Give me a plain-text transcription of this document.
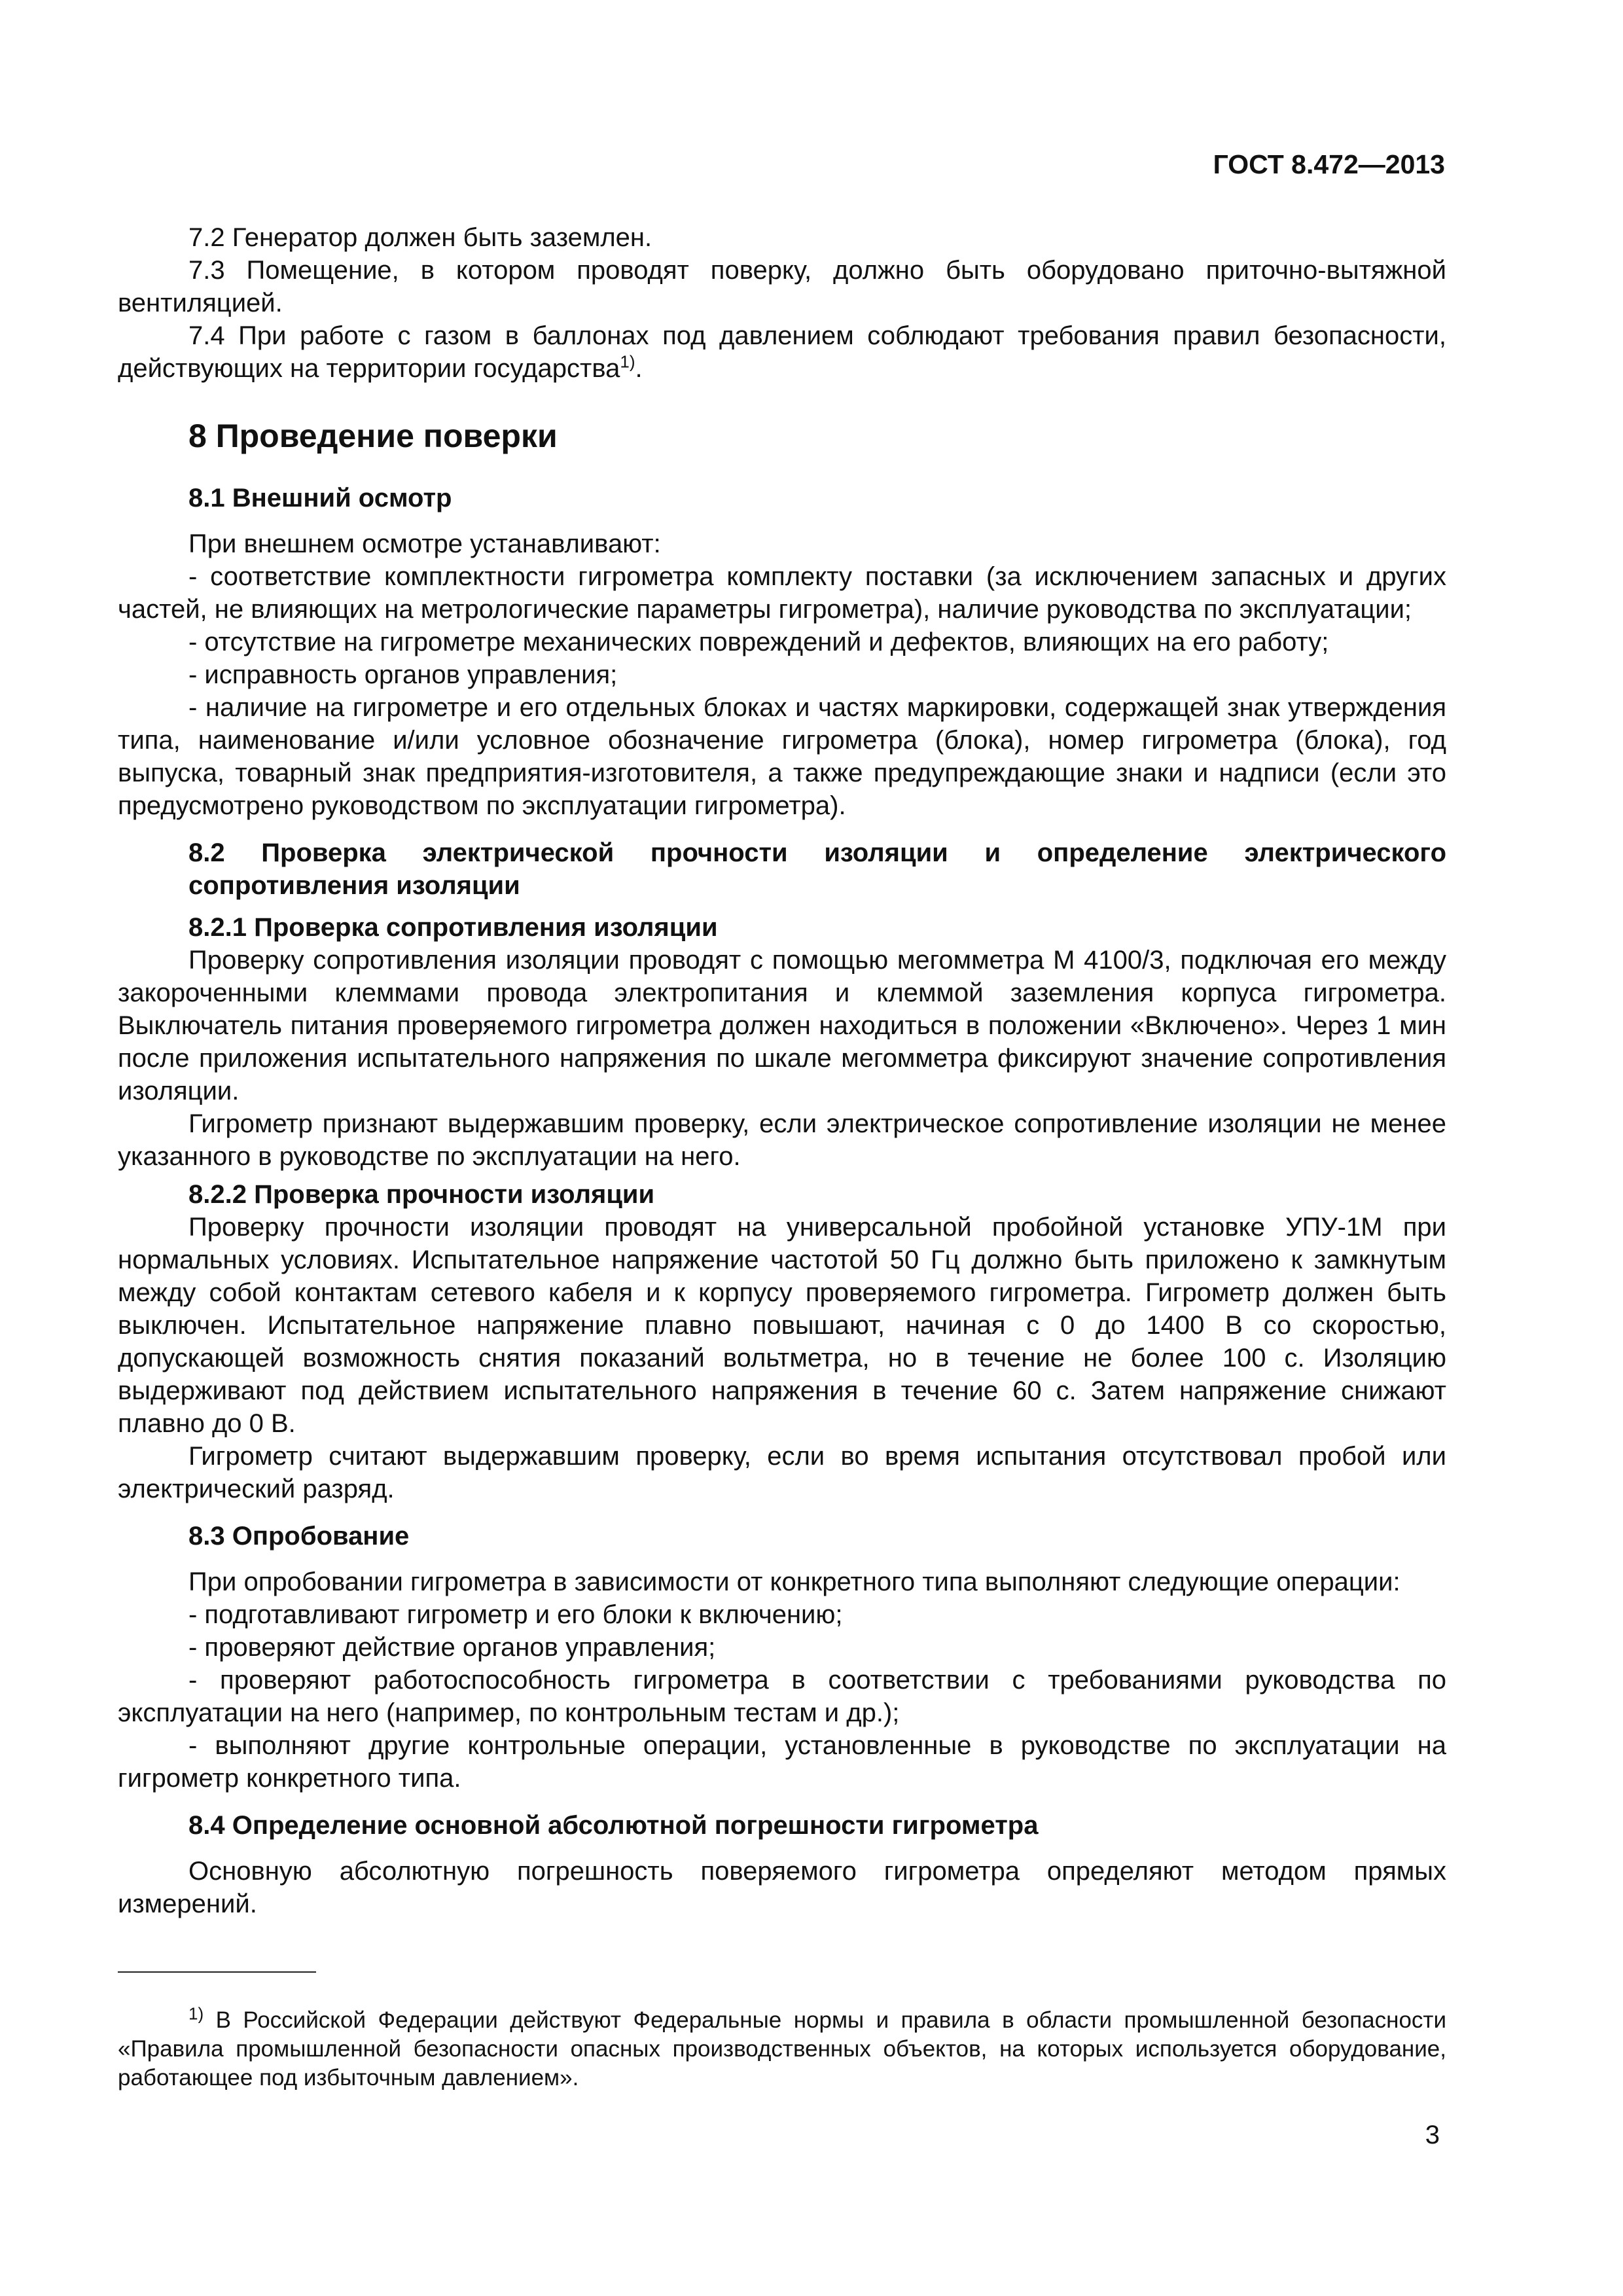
ГОСТ 8.472—2013

7.2 Генератор должен быть заземлен.

7.3 Помещение, в котором проводят поверку, должно быть оборудовано приточно-вытяжной вентиляцией.

7.4 При работе с газом в баллонах под давлением соблюдают требования правил безопасности, действующих на территории государства$^{1)}$.

8 Проведение поверки

8.1 Внешний осмотр

При внешнем осмотре устанавливают:

- соответствие комплектности гигрометра комплекту поставки (за исключением запасных и других частей, не влияющих на метрологические параметры гигрометра), наличие руководства по эксплуатации;

- отсутствие на гигрометре механических повреждений и дефектов, влияющих на его работу;

- исправность органов управления;

- наличие на гигрометре и его отдельных блоках и частях маркировки, содержащей знак утверждения типа, наименование и/или условное обозначение гигрометра (блока), номер гигрометра (блока), год выпуска, товарный знак предприятия-изготовителя, а также предупреждающие знаки и надписи (если это предусмотрено руководством по эксплуатации гигрометра).

8.2 Проверка электрической прочности изоляции и определение электрического сопротивления изоляции

8.2.1 Проверка сопротивления изоляции

Проверку сопротивления изоляции проводят с помощью мегомметра М 4100/3, подключая его между закороченными клеммами провода электропитания и клеммой заземления корпуса гигрометра. Выключатель питания проверяемого гигрометра должен находиться в положении «Включено». Через 1 мин после приложения испытательного напряжения по шкале мегомметра фиксируют значение сопротивления изоляции.

Гигрометр признают выдержавшим проверку, если электрическое сопротивление изоляции не менее указанного в руководстве по эксплуатации на него.

8.2.2 Проверка прочности изоляции

Проверку прочности изоляции проводят на универсальной пробойной установке УПУ-1М при нормальных условиях. Испытательное напряжение частотой 50 Гц должно быть приложено к замкнутым между собой контактам сетевого кабеля и к корпусу проверяемого гигрометра. Гигрометр должен быть выключен. Испытательное напряжение плавно повышают, начиная с 0 до 1400 В со скоростью, допускающей возможность снятия показаний вольтметра, но в течение не более 100 с. Изоляцию выдерживают под действием испытательного напряжения в течение 60 с. Затем напряжение снижают плавно до 0 В.

Гигрометр считают выдержавшим проверку, если во время испытания отсутствовал пробой или электрический разряд.

8.3 Опробование

При опробовании гигрометра в зависимости от конкретного типа выполняют следующие операции:

- подготавливают гигрометр и его блоки к включению;

- проверяют действие органов управления;

- проверяют работоспособность гигрометра в соответствии с требованиями руководства по эксплуатации на него (например, по контрольным тестам и др.);

- выполняют другие контрольные операции, установленные в руководстве по эксплуатации на гигрометр конкретного типа.

8.4 Определение основной абсолютной погрешности гигрометра

Основную абсолютную погрешность поверяемого гигрометра определяют методом прямых измерений.

$^{1)}$ В Российской Федерации действуют Федеральные нормы и правила в области промышленной безопасности «Правила промышленной безопасности опасных производственных объектов, на которых используется оборудование, работающее под избыточным давлением».

3
